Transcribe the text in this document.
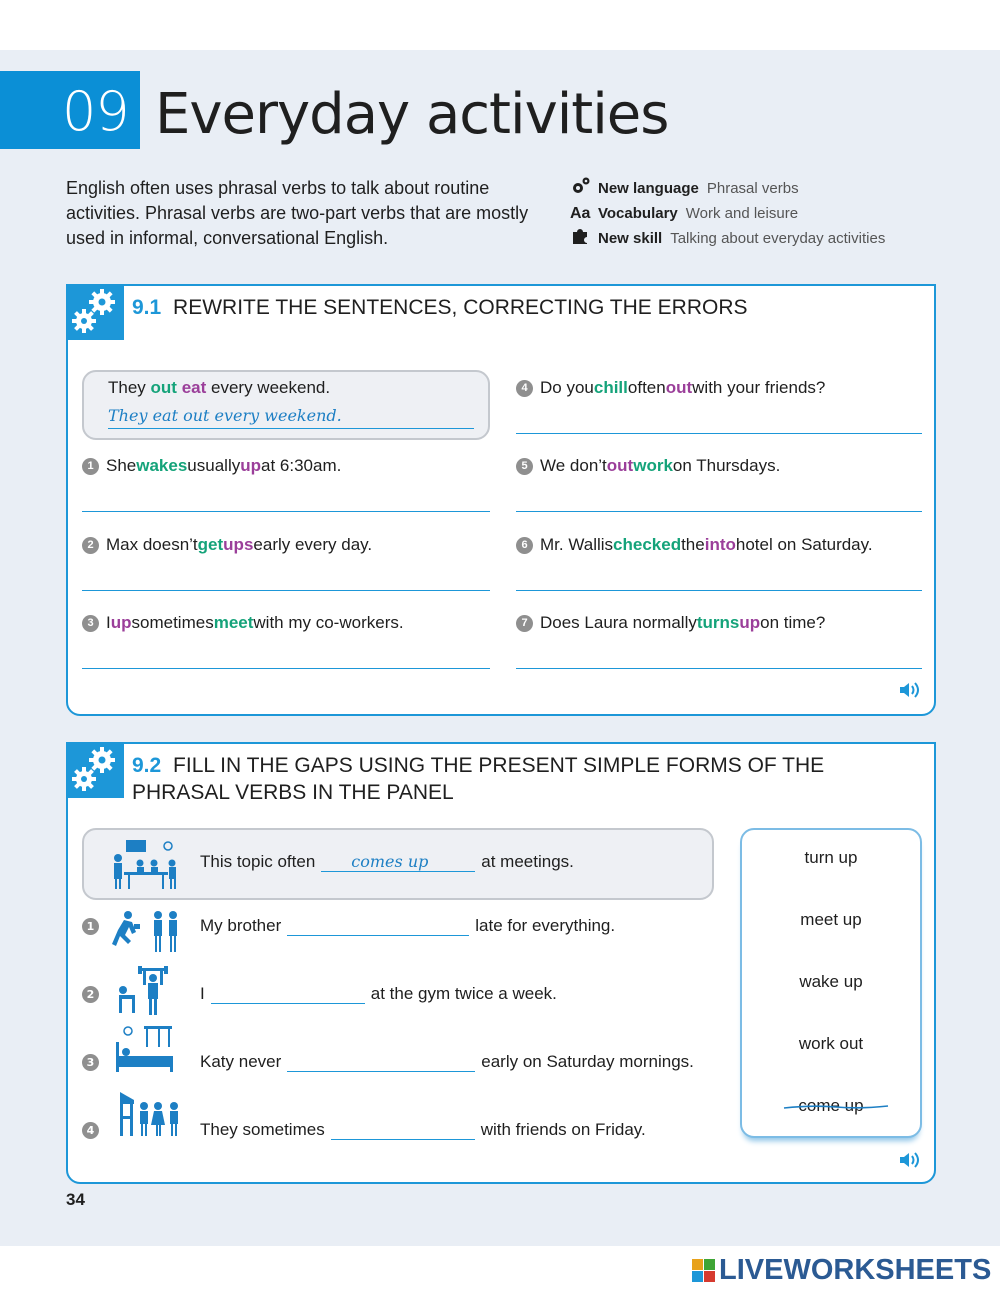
09 Everyday activities
English often uses phrasal verbs to talk about routine activities. Phrasal verbs are two-part verbs that are mostly used in informal, conversational English.
New language Phrasal verbs
Aa Vocabulary Work and leisure
New skill Talking about everyday activities
9.1 REWRITE THE SENTENCES, CORRECTING THE ERRORS
They out eat every weekend.
They eat out every weekend.
1 She wakes usually up at 6:30am.
2 Max doesn’t get ups early every day.
3 I up sometimes meet with my co-workers.
4 Do you chill often out with your friends?
5 We don’t out work on Thursdays.
6 Mr. Wallis checked the into hotel on Saturday.
7 Does Laura normally turns up on time?
9.2 FILL IN THE GAPS USING THE PRESENT SIMPLE FORMS OF THE PHRASAL VERBS IN THE PANEL
This topic often comes up	at meetings.
1	My brother	late for everything.
2	I	at the gym twice a week.
3	Katy never	early on Saturday mornings.
4	They sometimes	with friends on Friday.
turn up
meet up
wake up
work out
come up
34
LIVEWORKSHEETS
